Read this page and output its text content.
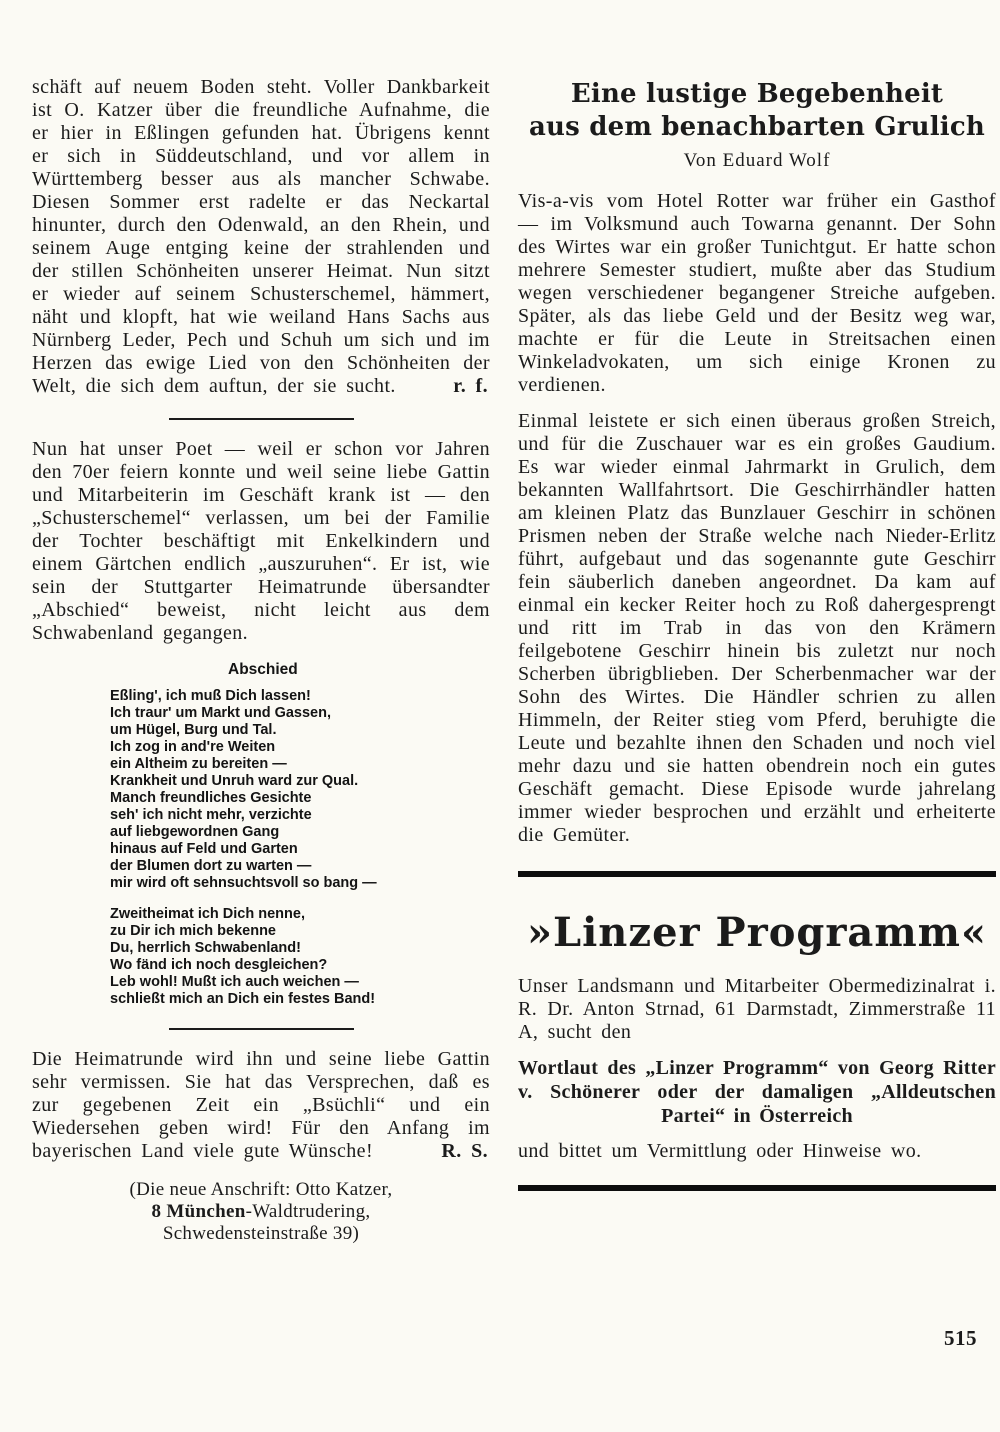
schäft auf neuem Boden steht. Voller Dankbarkeit ist O. Katzer über die freundliche Aufnahme, die er hier in Eßlingen gefunden hat. Übrigens kennt er sich in Süddeutschland, und vor allem in Württemberg besser aus als mancher Schwabe. Diesen Sommer erst radelte er das Neckartal hinunter, durch den Odenwald, an den Rhein, und seinem Auge entging keine der strahlenden und der stillen Schönheiten unserer Heimat. Nun sitzt er wieder auf seinem Schusterschemel, hämmert, näht und klopft, hat wie weiland Hans Sachs aus Nürnberg Leder, Pech und Schuh um sich und im Herzen das ewige Lied von den Schönheiten der Welt, die sich dem auftun, der sie sucht.	r. f.

Nun hat unser Poet — weil er schon vor Jahren den 70er feiern konnte und weil seine liebe Gattin und Mitarbeiterin im Geschäft krank ist — den „Schusterschemel“ verlassen, um bei der Familie der Tochter beschäftigt mit Enkelkindern und einem Gärtchen endlich „auszuruhen“. Er ist, wie sein der Stuttgarter Heimatrunde übersandter „Abschied“ beweist, nicht leicht aus dem Schwabenland gegangen.

Abschied
Eßling', ich muß Dich lassen!
Ich traur' um Markt und Gassen,
um Hügel, Burg und Tal.
Ich zog in and're Weiten
ein Altheim zu bereiten —
Krankheit und Unruh ward zur Qual.
Manch freundliches Gesichte
seh' ich nicht mehr, verzichte
auf liebgewordnen Gang
hinaus auf Feld und Garten
der Blumen dort zu warten —
mir wird oft sehnsuchtsvoll so bang —
Zweitheimat ich Dich nenne,
zu Dir ich mich bekenne
Du, herrlich Schwabenland!
Wo fänd ich noch desgleichen?
Leb wohl! Mußt ich auch weichen —
schließt mich an Dich ein festes Band!

Die Heimatrunde wird ihn und seine liebe Gattin sehr vermissen. Sie hat das Versprechen, daß es zur gegebenen Zeit ein „Bsüchli“ und ein Wiedersehen geben wird! Für den Anfang im bayerischen Land viele gute Wünsche!	R. S.

(Die neue Anschrift: Otto Katzer,
8 München-Waldtrudering,
Schwedensteinstraße 39)
Eine lustige Begebenheit
aus dem benachbarten Grulich
Von Eduard Wolf

Vis-a-vis vom Hotel Rotter war früher ein Gasthof — im Volksmund auch Towarna genannt. Der Sohn des Wirtes war ein großer Tunichtgut. Er hatte schon mehrere Semester studiert, mußte aber das Studium wegen verschiedener begangener Streiche aufgeben. Später, als das liebe Geld und der Besitz weg war, machte er für die Leute in Streitsachen einen Winkeladvokaten, um sich einige Kronen zu verdienen.

Einmal leistete er sich einen überaus großen Streich, und für die Zuschauer war es ein großes Gaudium. Es war wieder einmal Jahrmarkt in Grulich, dem bekannten Wallfahrtsort. Die Geschirrhändler hatten am kleinen Platz das Bunzlauer Geschirr in schönen Prismen neben der Straße welche nach Nieder-Erlitz führt, aufgebaut und das sogenannte gute Geschirr fein säuberlich daneben angeordnet. Da kam auf einmal ein kecker Reiter hoch zu Roß dahergesprengt und ritt im Trab in das von den Krämern feilgebotene Geschirr hinein bis zuletzt nur noch Scherben übrigblieben. Der Scherbenmacher war der Sohn des Wirtes. Die Händler schrien zu allen Himmeln, der Reiter stieg vom Pferd, beruhigte die Leute und bezahlte ihnen den Schaden und noch viel mehr dazu und sie hatten obendrein noch ein gutes Geschäft gemacht. Diese Episode wurde jahrelang immer wieder besprochen und erzählt und erheiterte die Gemüter.

»Linzer Programm«

Unser Landsmann und Mitarbeiter Obermedizinalrat i. R. Dr. Anton Strnad, 61 Darmstadt, Zimmerstraße 11 A, sucht den

Wortlaut des „Linzer Programm“ von Georg Ritter v. Schönerer oder der damaligen „Alldeutschen Partei“ in Österreich

und bittet um Vermittlung oder Hinweise wo.

515
